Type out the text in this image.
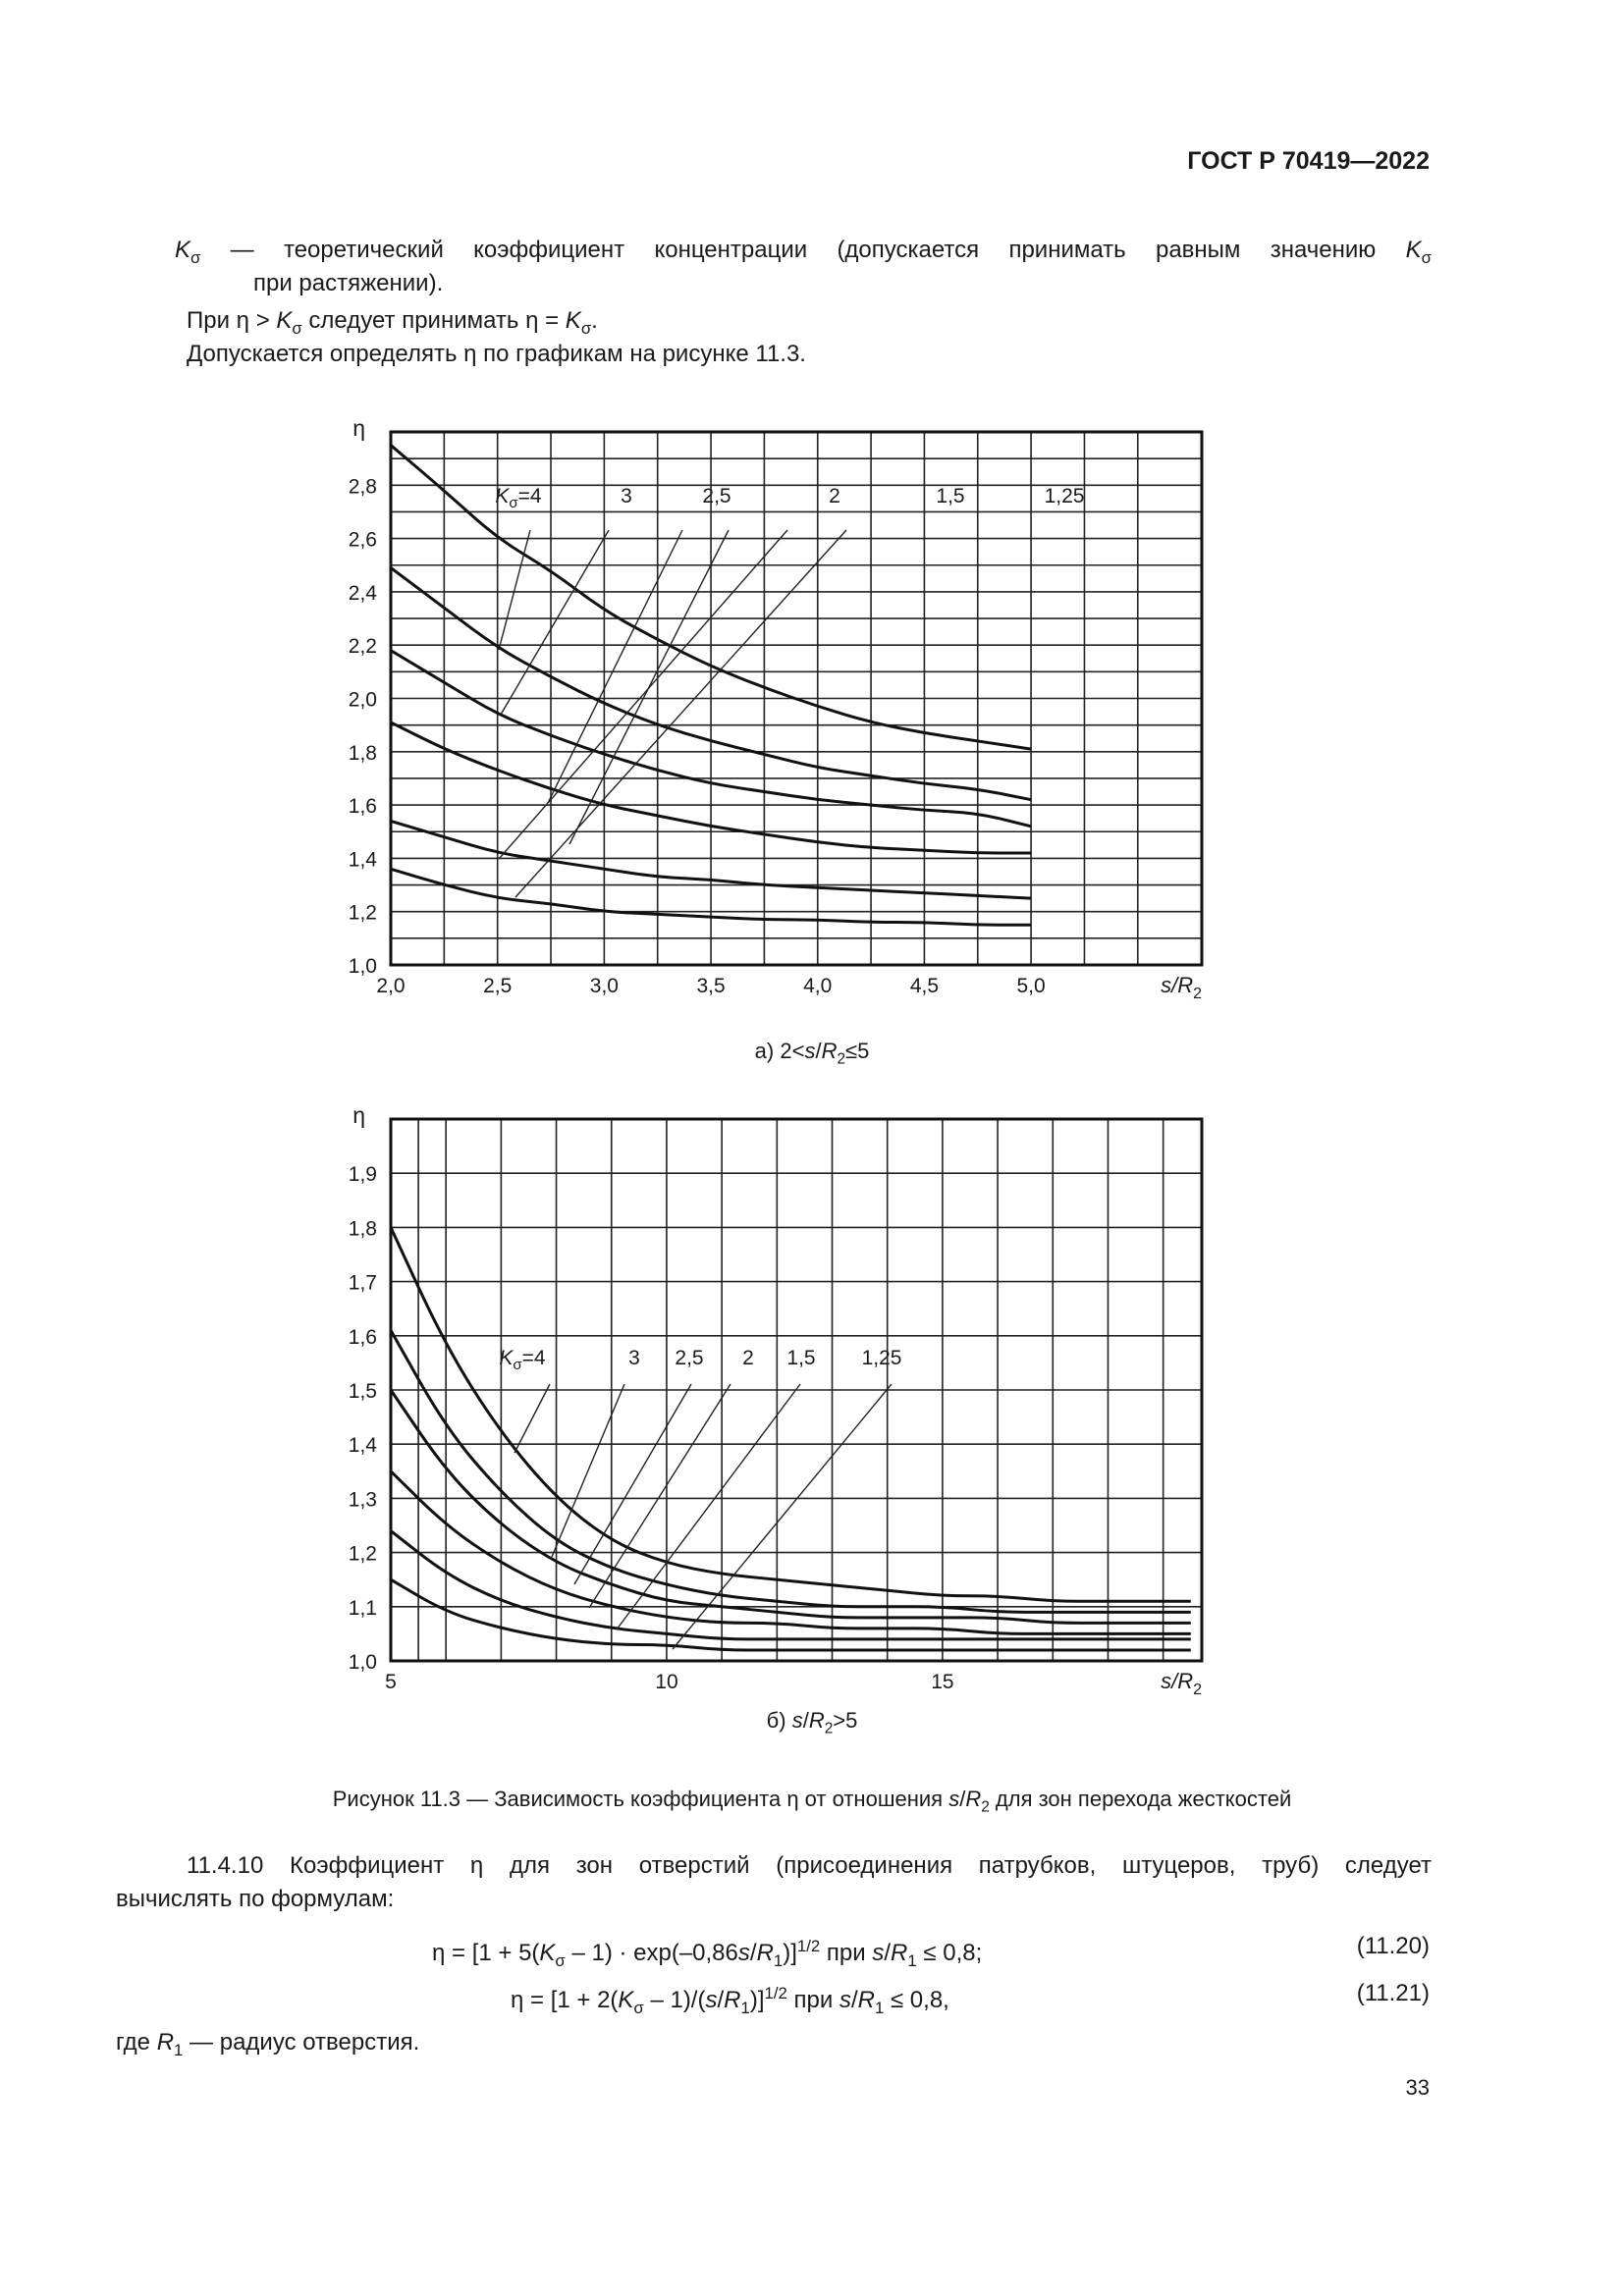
ГОСТ Р 70419—2022
$K_\sigma$ — теоретический коэффициент концентрации (допускается принимать равным значению $K_\sigma$
при растяжении).
При $\eta > K_\sigma$ следует принимать $\eta = K_\sigma$.
Допускается определять η по графикам на рисунке 11.3.
2,0	2,5	3,0	3,5	4,0	4,5	5,0
1,0
1,2
1,4
1,6
1,8
2,0
2,2
2,4
2,6
2,8
η
$s/R_2$
$K_\sigma=4$	3	2,5	2	1,5	1,25
а) $2<s/R_2\le 5$
5	10	15
1,0
1,1
1,2
1,3
1,4
1,5
1,6
1,7
1,8
1,9
η
$s/R_2$
$K_\sigma=4$	3 2,5 2 1,5 1,25
б) $s/R_2>5$
Рисунок 11.3 — Зависимость коэффициента η от отношения $s/R_2$ для зон перехода жесткостей
11.4.10 Коэффициент η для зон отверстий (присоединения патрубков, штуцеров, труб) следует
вычислять по формулам:
$\eta = [1 + 5(K_\sigma - 1) \cdot \exp(-0,86s/R_1)]^{1/2}$ при $s/R_1 \le 0,8$;	(11.20)
$\eta = [1 + 2(K_\sigma - 1)/(s/R_1)]^{1/2}$ при $s/R_1 \le 0,8$,	(11.21)
где $R_1$ — радиус отверстия.
33
